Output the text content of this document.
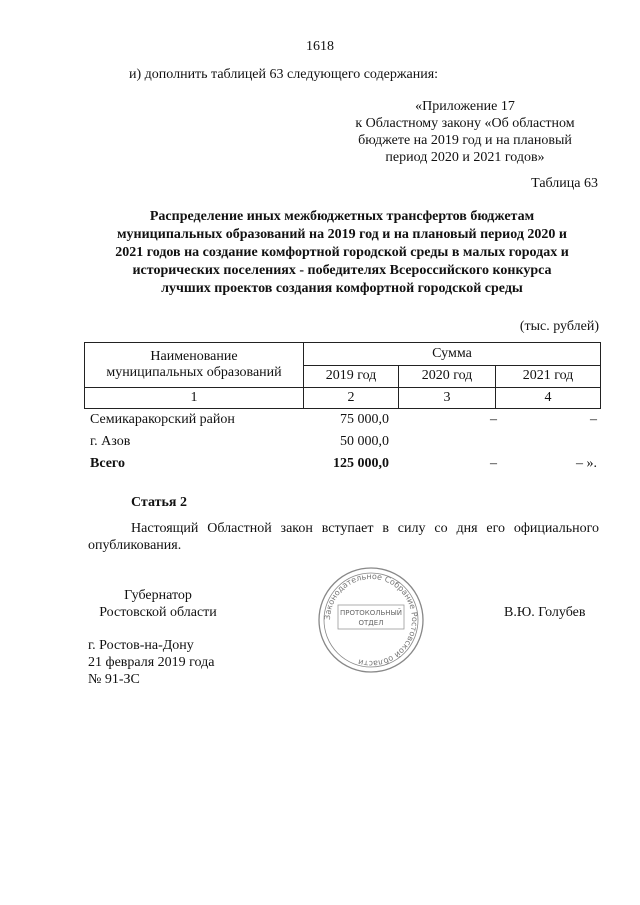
1618
и) дополнить таблицей 63 следующего содержания:
«Приложение 17
к Областному закону «Об областном
бюджете на 2019 год и на плановый
период 2020 и 2021 годов»
Таблица 63
Распределение иных межбюджетных трансфертов бюджетам
муниципальных образований на 2019 год и на плановый период 2020 и
2021 годов на создание комфортной городской среды в малых городах и
исторических поселениях - победителях Всероссийского конкурса
лучших проектов создания комфортной городской среды
(тыс. рублей)
Наименование
муниципальных образований	Сумма		
	2019 год	2020 год	2021 год
1	2	3	4
Семикаракорский район	75 000,0	–	–
г. Азов	50 000,0
Всего	125 000,0	–	– ».
Статья 2
Настоящий Областной закон вступает в силу со дня его официального
опубликования.
Губернатор
Ростовской области	Законодательное Собрание Ростовской области
ПРОТОКОЛЬНЫЙ
ОТДЕЛ
В.Ю. Голубев
г. Ростов-на-Дону
21 февраля 2019 года
№ 91-ЗС
